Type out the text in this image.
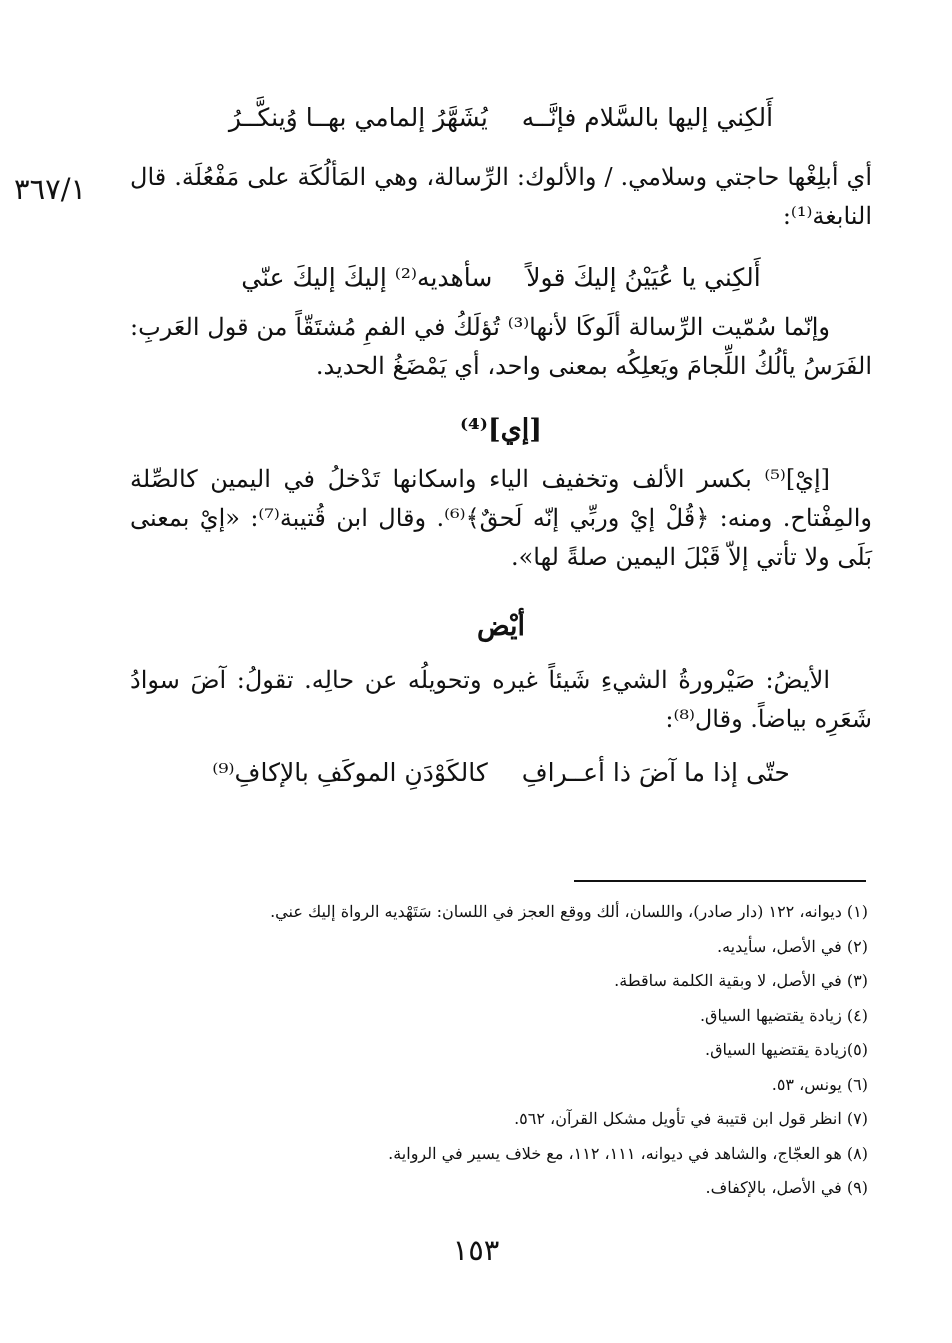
٣٦٧/١
أَلكِني إليها بالسَّلام فإنَّــه
يُشَهَّرُ إلمامي بهــا وُينكَّــرُ

أي أبلِغْها حاجتي وسلامي. / والألوك: الرِّسالة، وهي المَألُكَة على مَفْعُلَة. قال النابغة⁽¹⁾:

أَلكِني يا عُيَيْنُ إليكَ قولاً
سأهديه⁽²⁾ إليكَ إليكَ عنّي

وإنّما سُمّيت الرِّسالة ألَوكَا لأنها⁽³⁾ تُؤلَكُ في الفمِ مُشتَقّاً من قول العَربِ: الفَرَسُ يألُكُ اللِّجامَ ويَعلِكُه بمعنى واحد، أي يَمْضَغُ الحديد.

[إي]⁽⁴⁾

[إيْ]⁽⁵⁾ بكسر الألف وتخفيف الياء واسكانها تَدْخلُ في اليمين كالصِّلة والمِفْتاح. ومنه: ﴿قُلْ إيْ وربِّي إنّه لَحقٌ﴾⁽⁶⁾. وقال ابن قُتيبة⁽⁷⁾: «إيْ بمعنى بَلَى ولا تأتي إلاّ قَبْلَ اليمين صلةً لها».

أيْض

الأيضُ: صَيْرورةُ الشيءِ شَيئاً غيره وتحويلُه عن حالِه. تقولُ: آضَ سوادُ شَعَرِه بياضاً. وقال⁽⁸⁾:

حتّى إذا ما آضَ ذا أعــرافِ
كالكَوْدَنِ الموكَفِ بالإكافِ⁽⁹⁾
(١) ديوانه، ١٢٢ (دار صادر)، واللسان، ألك ووقع العجز في اللسان: سَتَهْديه الرواة إليك عني.
(٢) في الأصل، سأيديه.
(٣) في الأصل، لا وبقية الكلمة ساقطة.
(٤) زيادة يقتضيها السياق.
(٥)زيادة يقتضيها السياق.
(٦) يونس، ٥٣.
(٧) انظر قول ابن قتيبة في تأويل مشكل القرآن، ٥٦٢.
(٨) هو العجّاج، والشاهد في ديوانه، ١١١، ١١٢، مع خلاف يسير في الرواية.
(٩) في الأصل، بالإكفاف.
١٥٣
